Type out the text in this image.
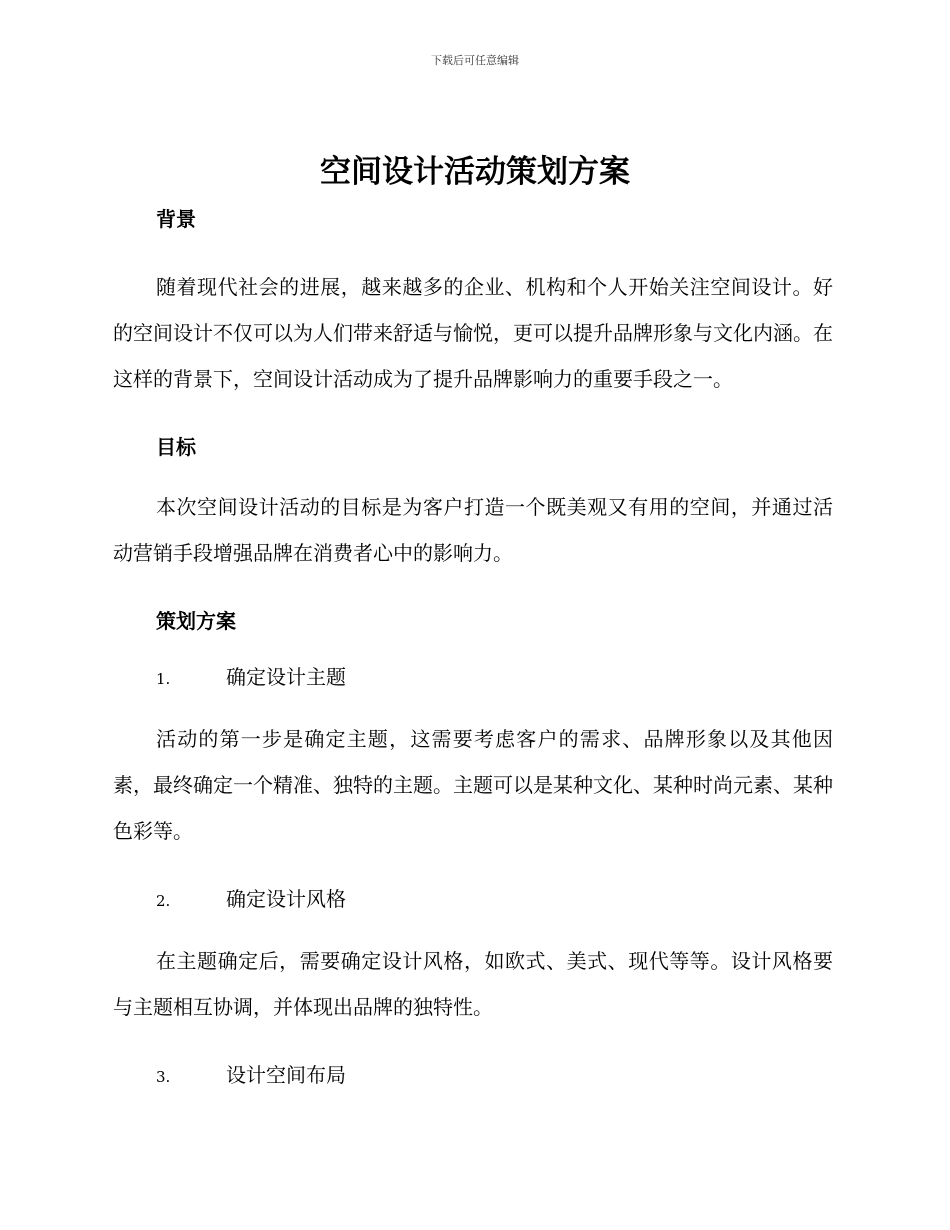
下载后可任意编辑
空间设计活动策划方案
背景

随着现代社会的进展，越来越多的企业、机构和个人开始关注空间设计。好的空间设计不仅可以为人们带来舒适与愉悦，更可以提升品牌形象与文化内涵。在这样的背景下，空间设计活动成为了提升品牌影响力的重要手段之一。

目标

本次空间设计活动的目标是为客户打造一个既美观又有用的空间，并通过活动营销手段增强品牌在消费者心中的影响力。

策划方案
1.	确定设计主题

活动的第一步是确定主题，这需要考虑客户的需求、品牌形象以及其他因素，最终确定一个精准、独特的主题。主题可以是某种文化、某种时尚元素、某种色彩等。

2.	确定设计风格

在主题确定后，需要确定设计风格，如欧式、美式、现代等等。设计风格要与主题相互协调，并体现出品牌的独特性。

3.	设计空间布局
